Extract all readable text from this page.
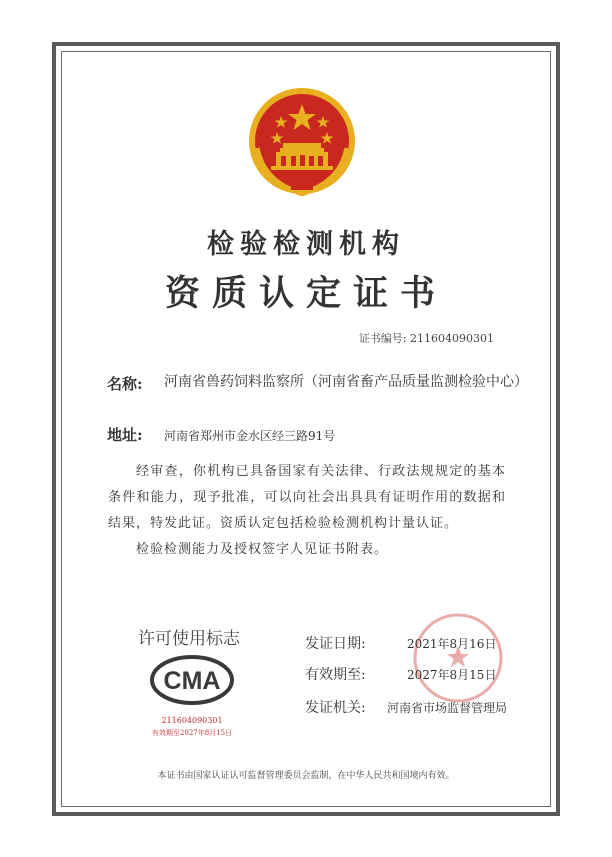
检验检测机构
资质认定证书
证书编号: 211604090301
名称: 河南省兽药饲料监察所（河南省畜产品质量监测检验中心）
地址: 河南省郑州市金水区经三路91号

经审查，你机构已具备国家有关法律、行政法规规定的基本条件和能力，现予批准，可以向社会出具具有证明作用的数据和结果，特发此证。资质认定包括检验检测机构计量认证。

检验检测能力及授权签字人见证书附表。

许可使用标志
CMA
211604090301
有效期至2027年8月15日
发证日期:	2021年8月16日
有效期至:	2027年8月15日
发证机关: 河南省市场监督管理局
本证书由国家认证认可监督管理委员会监制，在中华人民共和国境内有效。
